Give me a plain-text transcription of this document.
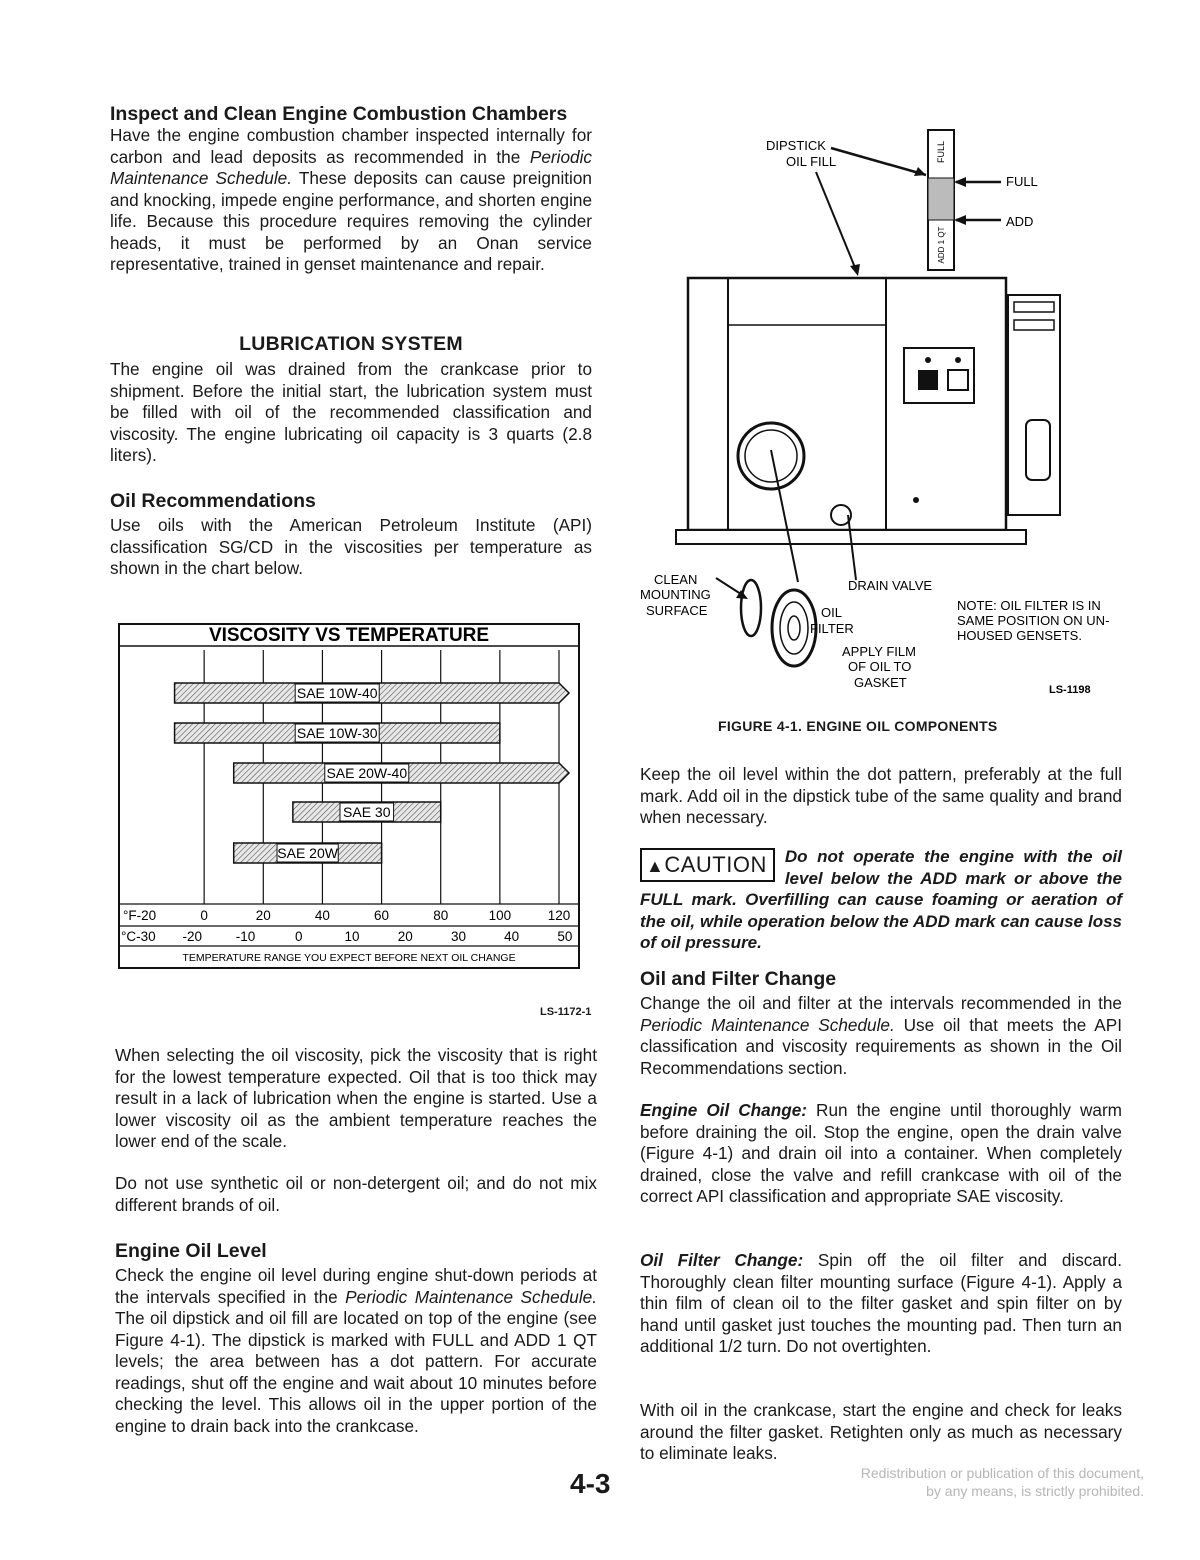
Inspect and Clean Engine Combustion Chambers

Have the engine combustion chamber inspected internally for carbon and lead deposits as recommended in the Periodic Maintenance Schedule. These deposits can cause preignition and knocking, impede engine performance, and shorten engine life. Because this procedure requires removing the cylinder heads, it must be performed by an Onan service representative, trained in genset maintenance and repair.

LUBRICATION SYSTEM

The engine oil was drained from the crankcase prior to shipment. Before the initial start, the lubrication system must be filled with oil of the recommended classification and viscosity. The engine lubricating oil capacity is 3 quarts (2.8 liters).

Oil Recommendations

Use oils with the American Petroleum Institute (API) classification SG/CD in the viscosities per temperature as shown in the chart below.

VISCOSITY VS TEMPERATURE
SAE 10W-40
SAE 10W-30
SAE 20W-40
SAE 30
SAE 20W
°F-20	0	20	40	60	80	100	120
°C-30 -20 -10	0	10	20	30	40	50
TEMPERATURE RANGE YOU EXPECT BEFORE NEXT OIL CHANGE
LS-1172-1

When selecting the oil viscosity, pick the viscosity that is right for the lowest temperature expected. Oil that is too thick may result in a lack of lubrication when the engine is started. Use a lower viscosity oil as the ambient temperature reaches the lower end of the scale.

Do not use synthetic oil or non-detergent oil; and do not mix different brands of oil.

Engine Oil Level

Check the engine oil level during engine shut-down periods at the intervals specified in the Periodic Maintenance Schedule. The oil dipstick and oil fill are located on top of the engine (see Figure 4-1). The dipstick is marked with FULL and ADD 1 QT levels; the area between has a dot pattern. For accurate readings, shut off the engine and wait about 10 minutes before checking the level. This allows oil in the upper portion of the engine to drain back into the crankcase.

FULL
ADD 1 QT
DIPSTICK
OIL FILL
FULL
ADD
CLEAN
MOUNTING
SURFACE
DRAIN VALVE
OIL
FILTER
APPLY FILM
OF OIL TO
GASKET
NOTE: OIL FILTER IS IN
SAME POSITION ON UN-
HOUSED GENSETS.
LS-1198
FIGURE 4-1. ENGINE OIL COMPONENTS

Keep the oil level within the dot pattern, preferably at the full mark. Add oil in the dipstick tube of the same quality and brand when necessary.

▲CAUTION	Do not operate the engine with the oil level below the ADD mark or above the FULL mark. Overfilling can cause foaming or aeration of the oil, while operation below the ADD mark can cause loss of oil pressure.

Oil and Filter Change

Change the oil and filter at the intervals recommended in the Periodic Maintenance Schedule. Use oil that meets the API classification and viscosity requirements as shown in the Oil Recommendations section.

Engine Oil Change: Run the engine until thoroughly warm before draining the oil. Stop the engine, open the drain valve (Figure 4-1) and drain oil into a container. When completely drained, close the valve and refill crankcase with oil of the correct API classification and appropriate SAE viscosity.

Oil Filter Change: Spin off the oil filter and discard. Thoroughly clean filter mounting surface (Figure 4-1). Apply a thin film of clean oil to the filter gasket and spin filter on by hand until gasket just touches the mounting pad. Then turn an additional 1/2 turn. Do not overtighten.

With oil in the crankcase, start the engine and check for leaks around the filter gasket. Retighten only as much as necessary to eliminate leaks.

4-3	Redistribution or publication of this document,
by any means, is strictly prohibited.
